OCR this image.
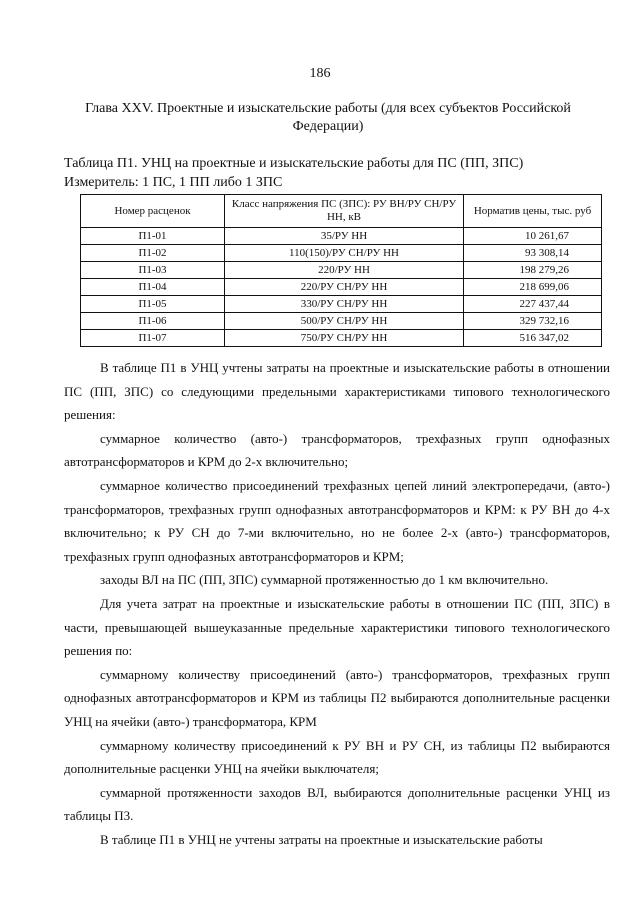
186
Глава XXV. Проектные и изыскательские работы (для всех субъектов Российской Федерации)
Таблица П1. УНЦ на проектные и изыскательские работы для ПС (ПП, ЗПС)
Измеритель: 1 ПС, 1 ПП либо 1 ЗПС
Номер расценок	Класс напряжения ПС (ЗПС): РУ ВН/РУ СН/РУ НН, кВ	Норматив цены, тыс. руб
П1-01	35/РУ НН	10 261,67
П1-02	110(150)/РУ СН/РУ НН	93 308,14
П1-03	220/РУ НН	198 279,26
П1-04	220/РУ СН/РУ НН	218 699,06
П1-05	330/РУ СН/РУ НН	227 437,44
П1-06	500/РУ СН/РУ НН	329 732,16
П1-07	750/РУ СН/РУ НН	516 347,02

В таблице П1 в УНЦ учтены затраты на проектные и изыскательские работы в отношении ПС (ПП, ЗПС) со следующими предельными характеристиками типового технологического решения:

суммарное количество (авто-) трансформаторов, трехфазных групп однофазных автотрансформаторов и КРМ до 2-х включительно;

суммарное количество присоединений трехфазных цепей линий электропередачи, (авто-) трансформаторов, трехфазных групп однофазных автотрансформаторов и КРМ: к РУ ВН до 4-х включительно; к РУ СН до 7-ми включительно, но не более 2-х (авто-) трансформаторов, трехфазных групп однофазных автотрансформаторов и КРМ;

заходы ВЛ на ПС (ПП, ЗПС) суммарной протяженностью до 1 км включительно.

Для учета затрат на проектные и изыскательские работы в отношении ПС (ПП, ЗПС) в части, превышающей вышеуказанные предельные характеристики типового технологического решения по:

суммарному количеству присоединений (авто-) трансформаторов, трехфазных групп однофазных автотрансформаторов и КРМ из таблицы П2 выбираются дополнительные расценки УНЦ на ячейки (авто-) трансформатора, КРМ

суммарному количеству присоединений к РУ ВН и РУ СН, из таблицы П2 выбираются дополнительные расценки УНЦ на ячейки выключателя;

суммарной протяженности заходов ВЛ, выбираются дополнительные расценки УНЦ из таблицы П3.

В таблице П1 в УНЦ не учтены затраты на проектные и изыскательские работы
